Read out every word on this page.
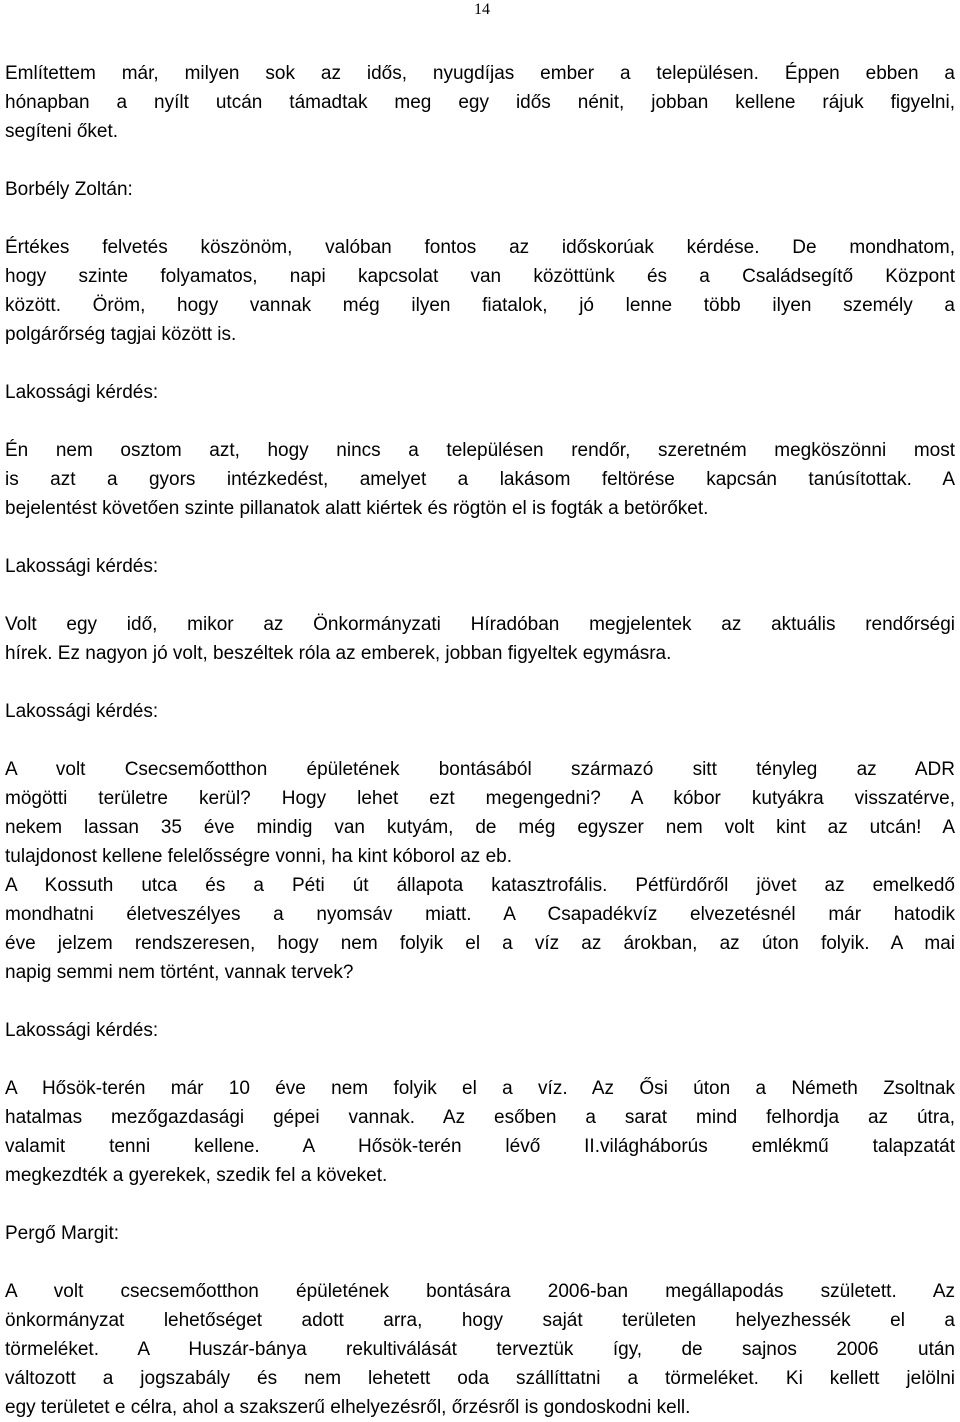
14

Említettem már, milyen sok az idős, nyugdíjas ember a településen. Éppen ebben a
hónapban a nyílt utcán támadtak meg egy idős nénit, jobban kellene rájuk figyelni,
segíteni őket.

Borbély Zoltán:

Értékes felvetés köszönöm, valóban fontos az időskorúak kérdése. De mondhatom,
hogy szinte folyamatos, napi kapcsolat van közöttünk és a Családsegítő Központ
között. Öröm, hogy vannak még ilyen fiatalok, jó lenne több ilyen személy a
polgárőrség tagjai között is.

Lakossági kérdés:

Én nem osztom azt, hogy nincs a településen rendőr, szeretném megköszönni most
is azt a gyors intézkedést, amelyet a lakásom feltörése kapcsán tanúsítottak. A
bejelentést követően szinte pillanatok alatt kiértek és rögtön el is fogták a betörőket.

Lakossági kérdés:

Volt egy idő, mikor az Önkormányzati Híradóban megjelentek az aktuális rendőrségi
hírek. Ez nagyon jó volt, beszéltek róla az emberek, jobban figyeltek egymásra.

Lakossági kérdés:

A volt Csecsemőotthon épületének bontásából származó sitt tényleg az ADR
mögötti területre kerül? Hogy lehet ezt megengedni? A kóbor kutyákra visszatérve,
nekem lassan 35 éve mindig van kutyám, de még egyszer nem volt kint az utcán! A
tulajdonost kellene felelősségre vonni, ha kint kóborol az eb.
A Kossuth utca és a Péti út állapota katasztrofális. Pétfürdőről jövet az emelkedő
mondhatni életveszélyes a nyomsáv miatt. A Csapadékvíz elvezetésnél már hatodik
éve jelzem rendszeresen, hogy nem folyik el a víz az árokban, az úton folyik. A mai
napig semmi nem történt, vannak tervek?

Lakossági kérdés:

A Hősök-terén már 10 éve nem folyik el a víz. Az Ősi úton a Németh Zsoltnak
hatalmas mezőgazdasági gépei vannak. Az esőben a sarat mind felhordja az útra,
valamit tenni kellene. A Hősök-terén lévő II.világháborús emlékmű talapzatát
megkezdték a gyerekek, szedik fel a köveket.

Pergő Margit:

A volt csecsemőotthon épületének bontására 2006-ban megállapodás született. Az
önkormányzat lehetőséget adott arra, hogy saját területen helyezhessék el a
törmeléket. A Huszár-bánya rekultiválását terveztük így, de sajnos 2006 után
változott a jogszabály és nem lehetett oda szállíttatni a törmeléket. Ki kellett jelölni
egy területet e célra, ahol a szakszerű elhelyezésről, őrzésről is gondoskodni kell.
